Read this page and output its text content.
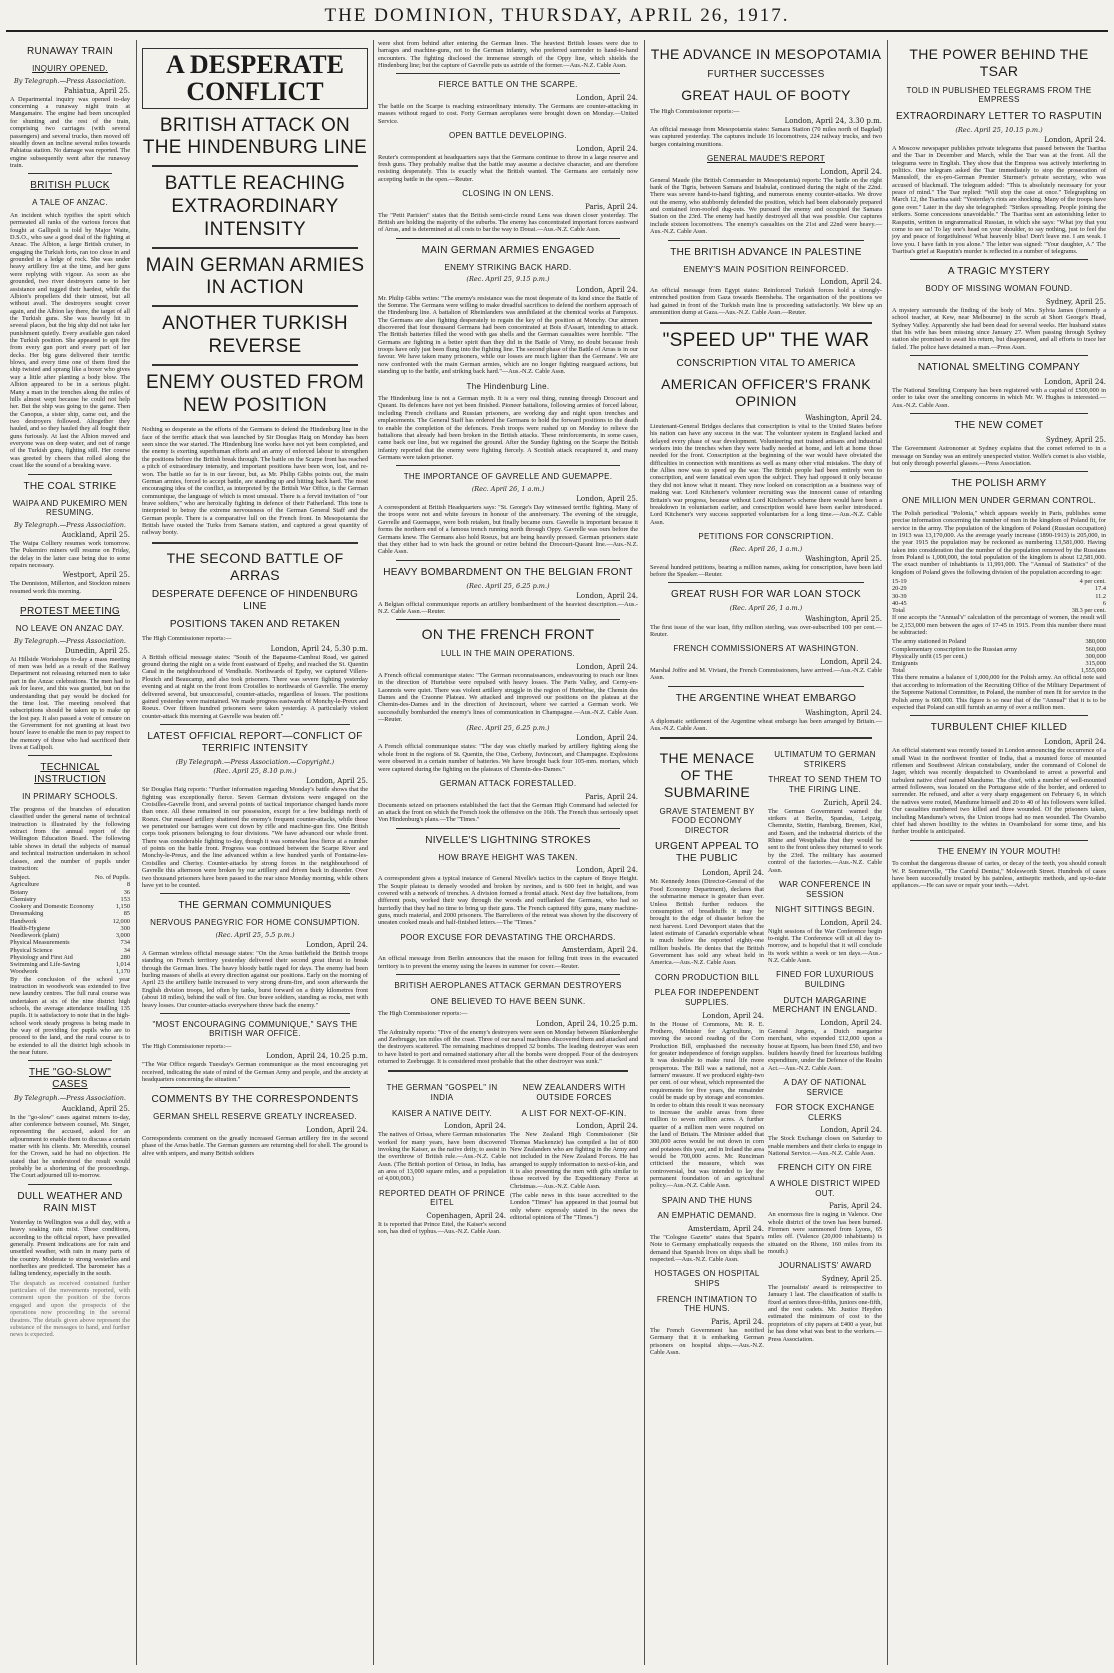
THE DOMINION, THURSDAY, APRIL 26, 1917.
RUNAWAY TRAIN
INQUIRY OPENED.
By Telegraph.—Press Association.
Pahiatua, April 25.

A Departmental inquiry was opened to-day concerning a runaway night train at Mangamaire. The engine had been uncoupled for shunting and the rest of the train, comprising two carriages (with several passengers) and several trucks, then moved off steadily down an incline several miles towards Pahiatua station. No damage was reported. The engine subsequently went after the runaway train.

BRITISH PLUCK
A TALE OF ANZAC.

An incident which typifies the spirit which permeated all ranks of the various forces that fought at Gallipoli is told by Major Waite, D.S.O., who saw a good deal of the fighting at Anzac. The Albion, a large British cruiser, in engaging the Turkish forts, ran too close in and grounded in a ledge of rock. She was under heavy artillery fire at the time, and her guns were replying with vigour. As soon as she grounded, two river destroyers came to her assistance and tugged their hardest, while the Albion's propellers did their utmost, but all without avail. The destroyers sought cover again, and the Albion lay there, the target of all the Turkish guns. She was heavily hit in several places, but the big ship did not take her punishment quietly. Every available gun raked the Turkish position. She appeared to spit fire from every gun port and every part of her decks. Her big guns delivered their terrific blows, and every time one of them fired the ship twisted and sprang like a boxer who gives way a little after planting a body blow. The Albion appeared to be in a serious plight. Many a man in the trenches along the miles of hills almost wept because he could not help her. But the ship was going to the game. Then the Canopus, a sister ship, came out, and the two destroyers followed. Altogether they hauled, and so they hauled they all fought their guns furiously. At last the Albion moved and everyone was on deep water, and out of range of the Turkish guns, fighting still. Her course was greeted by cheers that rolled along the coast like the sound of a breaking wave.

THE COAL STRIKE
WAIPA AND PUKEMIRO MEN RESUMING.
By Telegraph.—Press Association.
Auckland, April 25.

The Waipa Colliery resumes work tomorrow. The Pukemiro miners will resume on Friday, the delay in the latter case being due to some repairs necessary.

Westport, April 25.

The Denniston, Millerton, and Stockton miners resumed work this morning.

PROTEST MEETING
NO LEAVE ON ANZAC DAY.
By Telegraph.—Press Association.
Dunedin, April 25.

At Hillside Workshops to-day a mass meeting of men was held as a result of the Railway Department not releasing returned men to take part in the Anzac celebrations. The men had to ask for leave, and this was granted, but on the understanding that pay would be docked for the time lost. The meeting resolved that subscriptions should be taken up to make up the lost pay. It also passed a vote of censure on the Government for not granting at least two hours' leave to enable the men to pay respect to the memory of those who had sacrificed their lives at Gallipoli.

TECHNICAL INSTRUCTION
IN PRIMARY SCHOOLS.

The progress of the branches of education classified under the general name of technical instruction is illustrated by the following extract from the annual report of the Wellington Education Board. The following table shows in detail the subjects of manual and technical instruction undertaken in school classes, and the number of pupils under instruction:

Subject.	No. of Pupils.
Agriculture	8
Botany	36
Chemistry	153
Cookery and Domestic Economy	1,150
Dressmaking	85
Handwork	12,000
Health-Hygiene	300
Needlework (plain)	3,000
Physical Measurements	734
Physical Science	34
Physiology and First Aid	280
Swimming and Life-Saving	1,014
Woodwork	1,170

By the conclusion of the school year instruction in woodwork was extended to five new laundry centres. The full rural course was undertaken at six of the nine district high schools, the average attendance totalling 135 pupils. It is satisfactory to note that in the high-school work steady progress is being made in the way of providing for pupils who are to proceed to the land, and the rural course is to be extended to all the district high schools in the near future.

THE "GO-SLOW" CASES
By Telegraph.—Press Association.
Auckland, April 25.

In the "go-slow" cases against miners to-day, after conference between counsel, Mr. Singer, representing the accused, asked for an adjournment to enable them to discuss a certain matter with his clients. Mr. Meredith, counsel for the Crown, said he had no objection. He stated that he understood the result would probably be a shortening of the proceedings. The Court adjourned till to-morrow.

DULL WEATHER AND RAIN MIST

Yesterday in Wellington was a dull day, with a heavy soaking rain mist. These conditions, according to the official report, have prevailed generally. Present indications are for rain and unsettled weather, with rain in many parts of the country. Moderate to strong westerlies and northerlies are predicted. The barometer has a falling tendency, especially in the south.

The despatch as received contained further particulars of the movements reported, with comment upon the position of the forces engaged and upon the prospects of the operations now proceeding in the several theatres. The details given above represent the substance of the messages to hand, and further news is expected.

A DESPERATE CONFLICT
BRITISH ATTACK ON THE HINDENBURG LINE
BATTLE REACHING EXTRAORDINARY INTENSITY
MAIN GERMAN ARMIES IN ACTION
ANOTHER TURKISH REVERSE
ENEMY OUSTED FROM NEW POSITION

Nothing so desperate as the efforts of the Germans to defend the Hindenburg line in the face of the terrific attack that was launched by Sir Douglas Haig on Monday has been seen since the war started. The Hindenburg line works have not yet been completed, and the enemy is exerting superhuman efforts and an army of enforced labour to strengthen the positions before the British break through. The battle on the Scarpe front has reached a pitch of extraordinary intensity, and important positions have been won, lost, and re-won. The battle so far is in our favour, but, as Mr. Philip Gibbs points out, the main German armies, forced to accept battle, are standing up and hitting back hard. The most encouraging idea of the conflict, as interpreted by the British War Office, is the German communique, the language of which is most unusual. There is a fervid invitation of "our brave soldiers," who are heroically fighting in defence of their Fatherland. This tone is interpreted to betray the extreme nervousness of the German General Staff and the German people. There is a comparative lull on the French front. In Mesopotamia the British have ousted the Turks from Samara station, and captured a great quantity of railway booty.

THE SECOND BATTLE OF ARRAS
DESPERATE DEFENCE OF HINDENBURG LINE
POSITIONS TAKEN AND RETAKEN

The High Commissioner reports:—

London, April 24, 5.30 p.m.

A British official message states: "South of the Bapaume-Cambrai Road, we gained ground during the night on a wide front eastward of Epehy, and reached the St. Quentin Canal in the neighbourhood of Vendhuile. Northwards of Epehy, we captured Villers-Plouich and Beaucamp, and also took prisoners. There was severe fighting yesterday evening and at night on the front from Croisilles to northwards of Gavrelle. The enemy delivered several, but unsuccessful, counter-attacks, regardless of losses. The positions gained yesterday were maintained. We made progress eastwards of Monchy-le-Preux and Roeux. Over fifteen hundred prisoners were taken yesterday. A particularly violent counter-attack this morning at Gavrelle was beaten off."

LATEST OFFICIAL REPORT—CONFLICT OF TERRIFIC INTENSITY
(By Telegraph.—Press Association.—Copyright.)
(Rec. April 25, 8.10 p.m.)
London, April 25.

Sir Douglas Haig reports: "Further information regarding Monday's battle shows that the fighting was exceptionally fierce. Seven German divisions were engaged on the Croisilles-Gavrelle front, and several points of tactical importance changed hands more than once. All these remained in our possession, except for a few buildings north of Roeux. Our massed artillery shattered the enemy's frequent counter-attacks, while those we penetrated our barrages were cut down by rifle and machine-gun fire. One British corps took prisoners belonging to four divisions. "We have advanced our whole front. There was considerable fighting to-day, though it was somewhat less fierce at a number of points on the battle front. Progress was continued between the Scarpe River and Monchy-le-Preux, and the line advanced within a few hundred yards of Fontaine-les-Croisilles and Cherisy. Counter-attacks by strong forces in the neighbourhood of Gavrelle this afternoon were broken by our artillery and driven back in disorder. Over two thousand prisoners have been passed to the rear since Monday morning, while others have yet to be counted.

THE GERMAN COMMUNIQUES
NERVOUS PANEGYRIC FOR HOME CONSUMPTION.
(Rec. April 25, 5.5 p.m.)
London, April 24.

A German wireless official message states: "On the Arras battlefield the British troops standing on French territory yesterday delivered their second great thrust to break through the German lines. The heavy bloody battle raged for days. The enemy had been hurling masses of shells at every direction against our positions. Early on the morning of April 23 the artillery battle increased to very strong drum-fire, and soon afterwards the English division troops, led often by tanks, burst forward on a thirty kilometres front (about 18 miles), behind the wall of fire. Our brave soldiers, standing as rocks, met with heavy losses. Our counter-attacks everywhere threw back the enemy."

"MOST ENCOURAGING COMMUNIQUE," SAYS THE BRITISH WAR OFFICE.

The High Commissioner reports:—

London, April 24, 10.25 p.m.

"The War Office regards Tuesday's German communique as the most encouraging yet received, indicating the state of mind of the German Army and people, and the anxiety at headquarters concerning the situation."

COMMENTS BY THE CORRESPONDENTS
GERMAN SHELL RESERVE GREATLY INCREASED.
London, April 24.

Correspondents comment on the greatly increased German artillery fire in the second phase of the Arras battle. The German gunners are returning shell for shell. The ground is alive with snipers, and many British soldiers

were shot from behind after entering the German lines. The heaviest British losses were due to barrages and machine-guns, not to the German infantry, who preferred surrender to hand-to-hand encounters. The fighting disclosed the immense strength of the Oppy line, which shields the Hindenburg line; but the capture of Gavrelle puts us astride of the former.—Aus.-N.Z. Cable Assn.

FIERCE BATTLE ON THE SCARPE.
London, April 24.

The battle on the Scarpe is reaching extraordinary intensity. The Germans are counter-attacking in masses without regard to cost. Forty German aeroplanes were brought down on Monday.—United Service.

OPEN BATTLE DEVELOPING.
London, April 24.

Reuter's correspondent at headquarters says that the Germans continue to throw in a large reserve and fresh guns. They probably realise that the battle may assume a decisive character, and are therefore resisting desperately. This is exactly what the British wanted. The Germans are certainly now accepting battle in the open.—Reuter.

CLOSING IN ON LENS.
Paris, April 24.

The "Petit Parisien" states that the British semi-circle round Lens was drawn closer yesterday. The British are holding the majority of the suburbs. The enemy has concentrated important forces eastward of Arras, and is determined at all costs to bar the way to Douai.—Aus.-N.Z. Cable Assn.

MAIN GERMAN ARMIES ENGAGED
ENEMY STRIKING BACK HARD.
(Rec. April 25, 9.15 p.m.)
London, April 24.

Mr. Philip Gibbs writes: "The enemy's resistance was the most desperate of its kind since the Battle of the Somme. The Germans were willing to make dreadful sacrifices to defend the northern approach of the Hindenburg line. A battalion of Rheinlanders was annihilated at the chemical works at Fampoux. The Germans are also fighting desperately to regain the key of the position at Monchy. Our airmen discovered that four thousand Germans had been concentrated at Bois d'Assart, intending to attack. The British batteries filled the wood with gas shells and the German casualties were horrible. "The Germans are fighting in a better spirit than they did in the Battle of Vimy, no doubt because fresh troops have only just been flung into the fighting line. The second phase of the Battle of Arras is in our favour. We have taken many prisoners, while our losses are much lighter than the Germans'. We are now confronted with the main German armies, which are no longer fighting rearguard actions, but standing up to the battle, and striking back hard."—Aus.-N.Z. Cable Assn.

The Hindenburg Line.

The Hindenburg line is not a German myth. It is a very real thing, running through Drocourt and Queant. Its defences have not yet been finished. Pioneer battalions, following armies of forced labour, including French civilians and Russian prisoners, are working day and night upon trenches and emplacements. The General Staff has ordered the Germans to hold the forward positions to the death to enable the completion of the defences. Fresh troops were rushed up on Monday to relieve the battalions that already had been broken in the British attacks. These reinforcements, in some cases, came back our line, but we regained the ground. After the Sunday fighting on the Scarpe the British infantry reported that the enemy were fighting fiercely. A Scottish attack recaptured it, and many Germans were taken prisoner.

THE IMPORTANCE OF GAVRELLE AND GUEMAPPE.
(Rec. April 26, 1 a.m.)
London, April 25.

A correspondent at British Headquarters says: "St. George's Day witnessed terrific fighting. Many of the troops were not and white favours in honour of the anniversary. The evening of the struggle, Gavrelle and Guemappe, were both retaken, but finally became ours. Gavrelle is important because it forms the northern end of a famous trench running north through Oppy. Gavrelle was ours before the Germans knew. The Germans also hold Roeux, but are being heavily pressed. German prisoners state that they either had to win back the ground or retire behind the Drocourt-Queant line.—Aus.-N.Z. Cable Assn.

HEAVY BOMBARDMENT ON THE BELGIAN FRONT
(Rec. April 25, 6.25 p.m.)
London, April 24.

A Belgian official communique reports an artillery bombardment of the heaviest description.—Aus.-N.Z. Cable Assn.—Reuter.

ON THE FRENCH FRONT
LULL IN THE MAIN OPERATIONS.
London, April 24.

A French official communique states: "The German reconnaissances, endeavouring to reach our lines in the direction of Hurtebise were repulsed with heavy losses. The Paris Valley, and Cerny-en-Laonnois were quiet. There was violent artillery struggle in the region of Hurtebise, the Chemin des Dames and the Craonne Plateau. We attacked and improved our positions on the plateau at the Chemin-des-Dames and in the direction of Juvincourt, where we carried a German work. We successfully bombarded the enemy's lines of communication in Champagne.—Aus.-N.Z. Cable Assn.—Reuter.

(Rec. April 25, 6.25 p.m.)
London, April 24.

A French official communique states: "The day was chiefly marked by artillery fighting along the whole front in the regions of St. Quentin, the Oise, Cerbeny, Juvincourt, and Champagne. Explosions were observed in a certain number of batteries. We have brought back four 105-mm. mortars, which were captured during the fighting on the plateaux of Chemin-des-Dames."

GERMAN ATTACK FORESTALLED.
Paris, April 24.

Documents seized on prisoners established the fact that the German High Command had selected for an attack the front on which the French took the offensive on the 16th. The French thus seriously upset Von Hindenburg's plans.—The "Times."

NIVELLE'S LIGHTNING STROKES
HOW BRAYE HEIGHT WAS TAKEN.
London, April 24.

A correspondent gives a typical instance of General Nivelle's tactics in the capture of Braye Height. The Soupir plateau is densely wooded and broken by ravines, and is 600 feet in height, and was covered with a network of trenches. A division formed a frontal attack. Next day five battalions, from different posts, worked their way through the woods and outflanked the Germans, who had so hurriedly that they had no time to bring up their guns. The French captured fifty guns, many machine-guns, much material, and 2000 prisoners. The Barrelieres of the retreat was shown by the discovery of uneaten cooked meals and half-finished letters.—The "Times."

POOR EXCUSE FOR DEVASTATING THE ORCHARDS.
Amsterdam, April 24.

An official message from Berlin announces that the reason for felling fruit trees in the evacuated territory is to prevent the enemy using the leaves in summer for cover.—Reuter.

BRITISH AEROPLANES ATTACK GERMAN DESTROYERS
ONE BELIEVED TO HAVE BEEN SUNK.

The High Commissioner reports:—

London, April 24, 10.25 p.m.

The Admiralty reports: "Five of the enemy's destroyers were seen on Monday between Blankenberghe and Zeebrugge, ten miles off the coast. Three of our naval machines discovered them and attacked and the destroyers scattered. The remaining machines dropped 32 bombs. The leading destroyer was seen to have listed to port and remained stationary after all the bombs were dropped. Four of the destroyers returned to Zeebrugge. It is considered most probable that the other destroyer was sunk."

THE GERMAN "GOSPEL" IN INDIA
KAISER A NATIVE DEITY.
London, April 24.

The natives of Orissa, where German missionaries worked for many years, have been discovered invoking the Kaiser, as the native deity, to assist in the overthrow of British rule.—Aus.-N.Z. Cable Assn. (The British portion of Orissa, in India, has an area of 13,000 square miles, and a population of 4,000,000.)

REPORTED DEATH OF PRINCE EITEL
Copenhagen, April 24.

It is reported that Prince Eitel, the Kaiser's second son, has died of typhus.—Aus.-N.Z. Cable Assn.

NEW ZEALANDERS WITH OUTSIDE FORCES
A LIST FOR NEXT-OF-KIN.
London, April 24.

The New Zealand High Commissioner (Sir Thomas Mackenzie) has compiled a list of 800 New Zealanders who are fighting in the Army and not included in the New Zealand Forces. He has arranged to supply information to next-of-kin, and it is also presenting the men with gifts similar to those received by the Expeditionary Force at Christmas.—Aus.-N.Z. Cable Assn.

(The cable news in this issue accredited to the London "Times" has appeared in that journal but only where expressly stated in the news the editorial opinions of The "Times.")

THE ADVANCE IN MESOPOTAMIA
FURTHER SUCCESSES
GREAT HAUL OF BOOTY

The High Commissioner reports:—

London, April 24, 3.30 p.m.

An official message from Mesopotamia states: Samara Station (70 miles north of Bagdad) was captured yesterday. The captures include 16 locomotives, 224 railway trucks, and two barges containing munitions.

GENERAL MAUDE'S REPORT
London, April 24.

General Maude (the British Commander in Mesopotamia) reports: The battle on the right bank of the Tigris, between Samara and Istabulat, continued during the night of the 22nd. There was severe hand-to-hand fighting, and numerous enemy counter-attacks. We drove out the enemy, who stubbornly defended the position, which had been elaborately prepared and contained iron-roofed dug-outs. We pursued the enemy and occupied the Samara Station on the 23rd. The enemy had hastily destroyed all that was possible. Our captures include sixteen locomotives. The enemy's casualties on the 21st and 22nd were heavy.—Aus.-N.Z. Cable Assn.

THE BRITISH ADVANCE IN PALESTINE
ENEMY'S MAIN POSITION REINFORCED.
London, April 24.

An official message from Egypt states: Reinforced Turkish forces hold a strongly-entrenched position from Gaza towards Beersheba. The organisation of the positions we had gained in front of the Turkish main line is proceeding satisfactorily. We blew up an ammunition dump at Gaza.—Aus.-N.Z. Cable Assn.—Reuter.

"SPEED UP" THE WAR
CONSCRIPTION VITAL TO AMERICA
AMERICAN OFFICER'S FRANK OPINION
Washington, April 24.

Lieutenant-General Bridges declares that conscription is vital to the United States before his nation can have any success in the war. The volunteer system in England lacked and delayed every phase of war development. Volunteering met trained artisans and industrial workers into the trenches when they were badly needed at home, and left at home those needed for the front. Conscription at the beginning of the war would have obviated the difficulties in connection with munitions as well as many other vital mistakes. The duty of the Allies now was to speed up the war. The British people had been entirely won to conscription, and were fanatical even upon the subject. They had opposed it only because they did not know what it meant. They now looked on conscription as a business way of making war. Lord Kitchener's volunteer recruiting was the innocent cause of retarding Britain's war progress, because without Lord Kitchener's scheme there would have been a breakdown in voluntarism earlier, and conscription would have been earlier introduced. Lord Kitchener's very success supported voluntarism for a long time.—Aus.-N.Z. Cable Assn.

PETITIONS FOR CONSCRIPTION.
(Rec. April 26, 1 a.m.)
Washington, April 25.

Several hundred petitions, bearing a million names, asking for conscription, have been laid before the Speaker.—Reuter.

GREAT RUSH FOR WAR LOAN STOCK
(Rec. April 26, 1 a.m.)
Washington, April 25.

The first issue of the war loan, fifty million sterling, was over-subscribed 100 per cent.—Reuter.

FRENCH COMMISSIONERS AT WASHINGTON.
London, April 24.

Marshal Joffre and M. Viviani, the French Commissioners, have arrived.—Aus.-N.Z. Cable Assn.

THE ARGENTINE WHEAT EMBARGO
Washington, April 24.

A diplomatic settlement of the Argentine wheat embargo has been arranged by Britain.—Aus.-N.Z. Cable Assn.

THE MENACE OF THE SUBMARINE
GRAVE STATEMENT BY FOOD ECONOMY DIRECTOR
URGENT APPEAL TO THE PUBLIC
London, April 24.

Mr. Kennedy Jones (Director-General of the Food Economy Department), declares that the submarine menace is greater than ever. Unless British further reduces the consumption of breadstuffs it may be brought to the edge of disaster before the next harvest. Lord Devonport states that the latest estimate of Canada's exportable wheat is much below the reported eighty-one million bushels. He denies that the British Government has sold any wheat held in America.—Aus.-N.Z. Cable Assn.

CORN PRODUCTION BILL
PLEA FOR INDEPENDENT SUPPLIES.
London, April 24.

In the House of Commons, Mr. R. E. Prothero, Minister for Agriculture, in moving the second reading of the Corn Production Bill, emphasised the necessity for greater independence of foreign supplies. It was desirable to make rural life more prosperous. The Bill was a national, not a farmers' measure. If we produced eighty-two per cent. of our wheat, which represented the requirements for five years, the remainder could be made up by storage and economies. In order to obtain this result it was necessary to increase the arable areas from three million to seven million acres. A further quarter of a million men were required on the land of Britain. The Minister added that 300,000 acres would be out down in corn and potatoes this year, and in Ireland the area would be 700,000 acres. Mr. Runciman criticised the measure, which was controversial, but was intended to lay the permanent foundation of an agricultural policy.—Aus.-N.Z. Cable Assn.

SPAIN AND THE HUNS
AN EMPHATIC DEMAND.
Amsterdam, April 24.

The "Cologne Gazette" states that Spain's Note to Germany emphatically requests the demand that Spanish lives on ships shall be respected.—Aus.-N.Z. Cable Assn.

HOSTAGES ON HOSPITAL SHIPS
FRENCH INTIMATION TO THE HUNS.
Paris, April 24.

The French Government has notified Germany that it is embarking German prisoners on hospital ships.—Aus.-N.Z. Cable Assn.

ULTIMATUM TO GERMAN STRIKERS
THREAT TO SEND THEM TO THE FIRING LINE.
Zurich, April 24.

The German Government warned the strikers at Berlin, Spandau, Leipzig, Chemnitz, Stettin, Hamburg, Bremen, Kiel, and Essen, and the industrial districts of the Rhine and Westphalia that they would be sent to the front unless they returned to work by the 23rd. The military has assumed control of the factories.—Aus.-N.Z. Cable Assn.

WAR CONFERENCE IN SESSION
NIGHT SITTINGS BEGIN.
London, April 24.

Night sessions of the War Conference begin to-night. The Conference will sit all day to-morrow, and is hopeful that it will conclude its work within a week or ten days.—Aus.-N.Z. Cable Assn.

FINED FOR LUXURIOUS BUILDING
DUTCH MARGARINE MERCHANT IN ENGLAND.
London, April 24.

General Jurgens, a Dutch margarine merchant, who expended £12,000 upon a house at Epsom, has been fined £50, and two builders heavily fined for luxurious building expenditure, under the Defence of the Realm Act.—Aus.-N.Z. Cable Assn.

A DAY OF NATIONAL SERVICE
FOR STOCK EXCHANGE CLERKS
London, April 24.

The Stock Exchange closes on Saturday to enable members and their clerks to engage in National Service.—Aus.-N.Z. Cable Assn.

FRENCH CITY ON FIRE
A WHOLE DISTRICT WIPED OUT.
Paris, April 24.

An enormous fire is raging in Valence. One whole district of the town has been burned. Firemen were summoned from Lyons, 65 miles off. (Valence (20,000 inhabitants) is situated on the Rhone, 160 miles from its mouth.)

JOURNALISTS' AWARD
Sydney, April 25.

The journalists' award is retrospective to January 1 last. The classification of staffs is fixed at seniors three-fifths, juniors one-fifth, and the rest cadets. Mr. Justice Heydon estimated the minimum of cost to the proprietors of city papers at £400 a year, but he has done what was best to the workers.—Press Association.

THE POWER BEHIND THE TSAR
TOLD IN PUBLISHED TELEGRAMS FROM THE EMPRESS
EXTRAORDINARY LETTER TO RASPUTIN
(Rec. April 25, 10.15 p.m.)
London, April 24.

A Moscow newspaper publishes private telegrams that passed between the Tsaritsa and the Tsar in December and March, while the Tsar was at the front. All the telegrams were in English. They show that the Empress was actively interfering in politics. One telegram asked the Tsar immediately to stop the prosecution of Manusloff, the ex-pro-German Premier Sturmer's private secretary, who was accused of blackmail. The telegram added: "This is absolutely necessary for your peace of mind." The Tsar replied: "Will stop the case at once." Telegraphing on March 12, the Tsaritsa said: "Yesterday's riots are shocking. Many of the troops have gone over." Later in the day she telegraphed: "Strikes spreading. People joining the strikers. Some concessions unavoidable." The Tsaritsa sent an astonishing letter to Rasputin, written in ungrammatical Russian, in which she says: "What joy that you come to see us! To lay one's head on your shoulder, to say nothing, just to feel the joy and peace of forgetfulness! What heavenly bliss! Don't leave me. I am weak. I love you. I have faith in you alone." The letter was signed: "Your daughter, A." The Tsaritsa's grief at Rasputin's murder is reflected in a number of telegrams.

A TRAGIC MYSTERY
BODY OF MISSING WOMAN FOUND.
Sydney, April 25.

A mystery surrounds the finding of the body of Mrs. Sylvia James (formerly a school teacher, at Kew, near Melbourne) in the scrub at Short George's Head, Sydney Valley. Apparently she had been dead for several weeks. Her husband states that his wife has been missing since January 27. When passing through Sydney station she promised to await his return, but disappeared, and all efforts to trace her failed. The police have detained a man.—Press Assn.

NATIONAL SMELTING COMPANY
London, April 24.

The National Smelting Company has been registered with a capital of £500,000 in order to take over the smelting concerns in which Mr. W. Hughes is interested.—Aus.-N.Z. Cable Assn.

THE NEW COMET
Sydney, April 25.

The Government Astronomer at Sydney explains that the comet referred to in a message on Sunday was an entirely unexpected visitor. Wolfe's comet is also visible, but only through powerful glasses.—Press Association.

THE POLISH ARMY
ONE MILLION MEN UNDER GERMAN CONTROL.

The Polish periodical "Polonia," which appears weekly in Paris, publishes some precise information concerning the number of men in the kingdom of Poland fit, for service in the army. The population of the kingdom of Poland (Russian occupation) in 1913 was 13,170,000. As the average yearly increase (1890-1913) is 205,000, in the year 1915 the population may be reckoned as numbering 13,581,000. Having taken into consideration that the number of the population removed by the Russians from Poland is 1,000,000, the total population of the kingdom is about 12,581,000. The exact number of inhabitants is 11,991,000. The "Annual of Statistics" of the kingdom of Poland gives the following division of the population according to age:

15-19	4 per cent.
20-29	17.4
30-39	11.2
40-45	6
Total	38.3 per cent.

If one accepts the "Annual's" calculation of the percentage of women, the result will be 2,153,000 men between the ages of 17-45 in 1915. From this number there must be subtracted:

The army stationed in Poland	380,000
Complementary conscription to the Russian army	560,000
Physically unfit (15 per cent.)	300,000
Emigrants	315,000
Total	1,555,000

This there remains a balance of 1,000,000 for the Polish army. An official note said that according to information of the Recruiting Office of the Military Department of the Supreme National Committee, in Poland, the number of men fit for service in the Polish army is 600,000. This figure is so near that of the "Annual" that it is to be expected that Poland can still furnish an army of over a million men.

TURBULENT CHIEF KILLED
London, April 24.

An official statement was recently issued in London announcing the occurrence of a small Wasi in the northwest frontier of India, that a mounted force of mounted riflemen and Southwest African constabulary, under the command of Colonel de Jager, which was recently despatched to Ovamboland to arrest a powerful and turbulent native chief named Mandume. The chief, with a number of well-mounted armed followers, was located on the Portuguese side of the border, and ordered to surrender. He refused, and after a very sharp engagement on February 6, in which the natives were routed, Mandume himself and 20 to 40 of his followers were killed. Our casualties numbered two killed and three wounded. Of the prisoners taken, including Mandume's wives, the Union troops had no men wounded. The Ovambo chief had shown hostility to the whites in Ovamboland for some time, and his further trouble is anticipated.

THE ENEMY IN YOUR MOUTH!

To combat the dangerous disease of caries, or decay of the teeth, you should consult W. P. Sommerville, "The Careful Dentist," Molesworth Street. Hundreds of cases have been successfully treated by his painless, antiseptic methods, and up-to-date appliances.—He can save or repair your teeth.—Advt.
